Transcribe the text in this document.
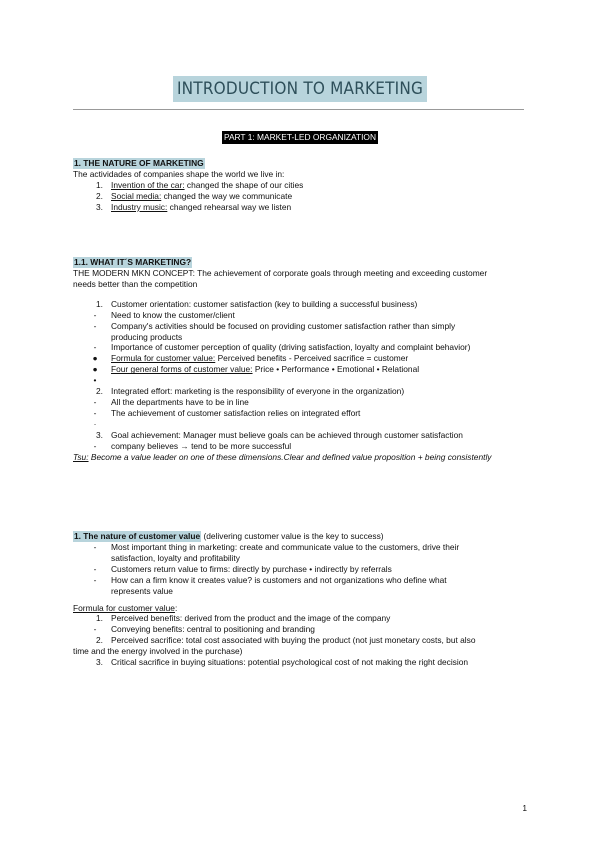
INTRODUCTION TO MARKETING
PART 1: MARKET-LED ORGANIZATION

1. THE NATURE OF MARKETING

The actividades of companies shape the world we live in:

1. Invention of the car: changed the shape of our cities
2. Social media: changed the way we communicate
3. Industry music: changed rehearsal way we listen

1.1. WHAT IT´S MARKETING?

THE MODERN MKN CONCEPT: The achievement of corporate goals through meeting and exceeding customer

needs better than the competition

1. Customer orientation: customer satisfaction (key to building a successful business)
-	Need to know the customer/client
-	Company's activities should be focused on providing customer satisfaction rather than simply
producing products
-	Importance of customer perception of quality (driving satisfaction, loyalty and complaint behavior)
●	Formula for customer value: Perceived benefits - Perceived sacrifice = customer
●	Four general forms of customer value: Price • Performance • Emotional • Relational
•
2. Integrated effort: marketing is the responsibility of everyone in the organization)
-	All the departments have to be in line
-	The achievement of customer satisfaction relies on integrated effort
·
3. Goal achievement: Manager must believe goals can be achieved through customer satisfaction
-	company believes → tend to be more successful

Tsu: Become a value leader on one of these dimensions.Clear and defined value proposition + being consistently

1. The nature of customer value (delivering customer value is the key to success)

-	Most important thing in marketing: create and communicate value to the customers, drive their
satisfaction, loyalty and profitability
-	Customers return value to firms: directly by purchase • indirectly by referrals
-	How can a firm know it creates value? is customers and not organizations who define what
represents value

Formula for customer value:

1. Perceived benefits: derived from the product and the image of the company
-	Conveying benefits: central to positioning and branding
2. Perceived sacrifice: total cost associated with buying the product (not just monetary costs, but also

time and the energy involved in the purchase)

3. Critical sacrifice in buying situations: potential psychological cost of not making the right decision
1
